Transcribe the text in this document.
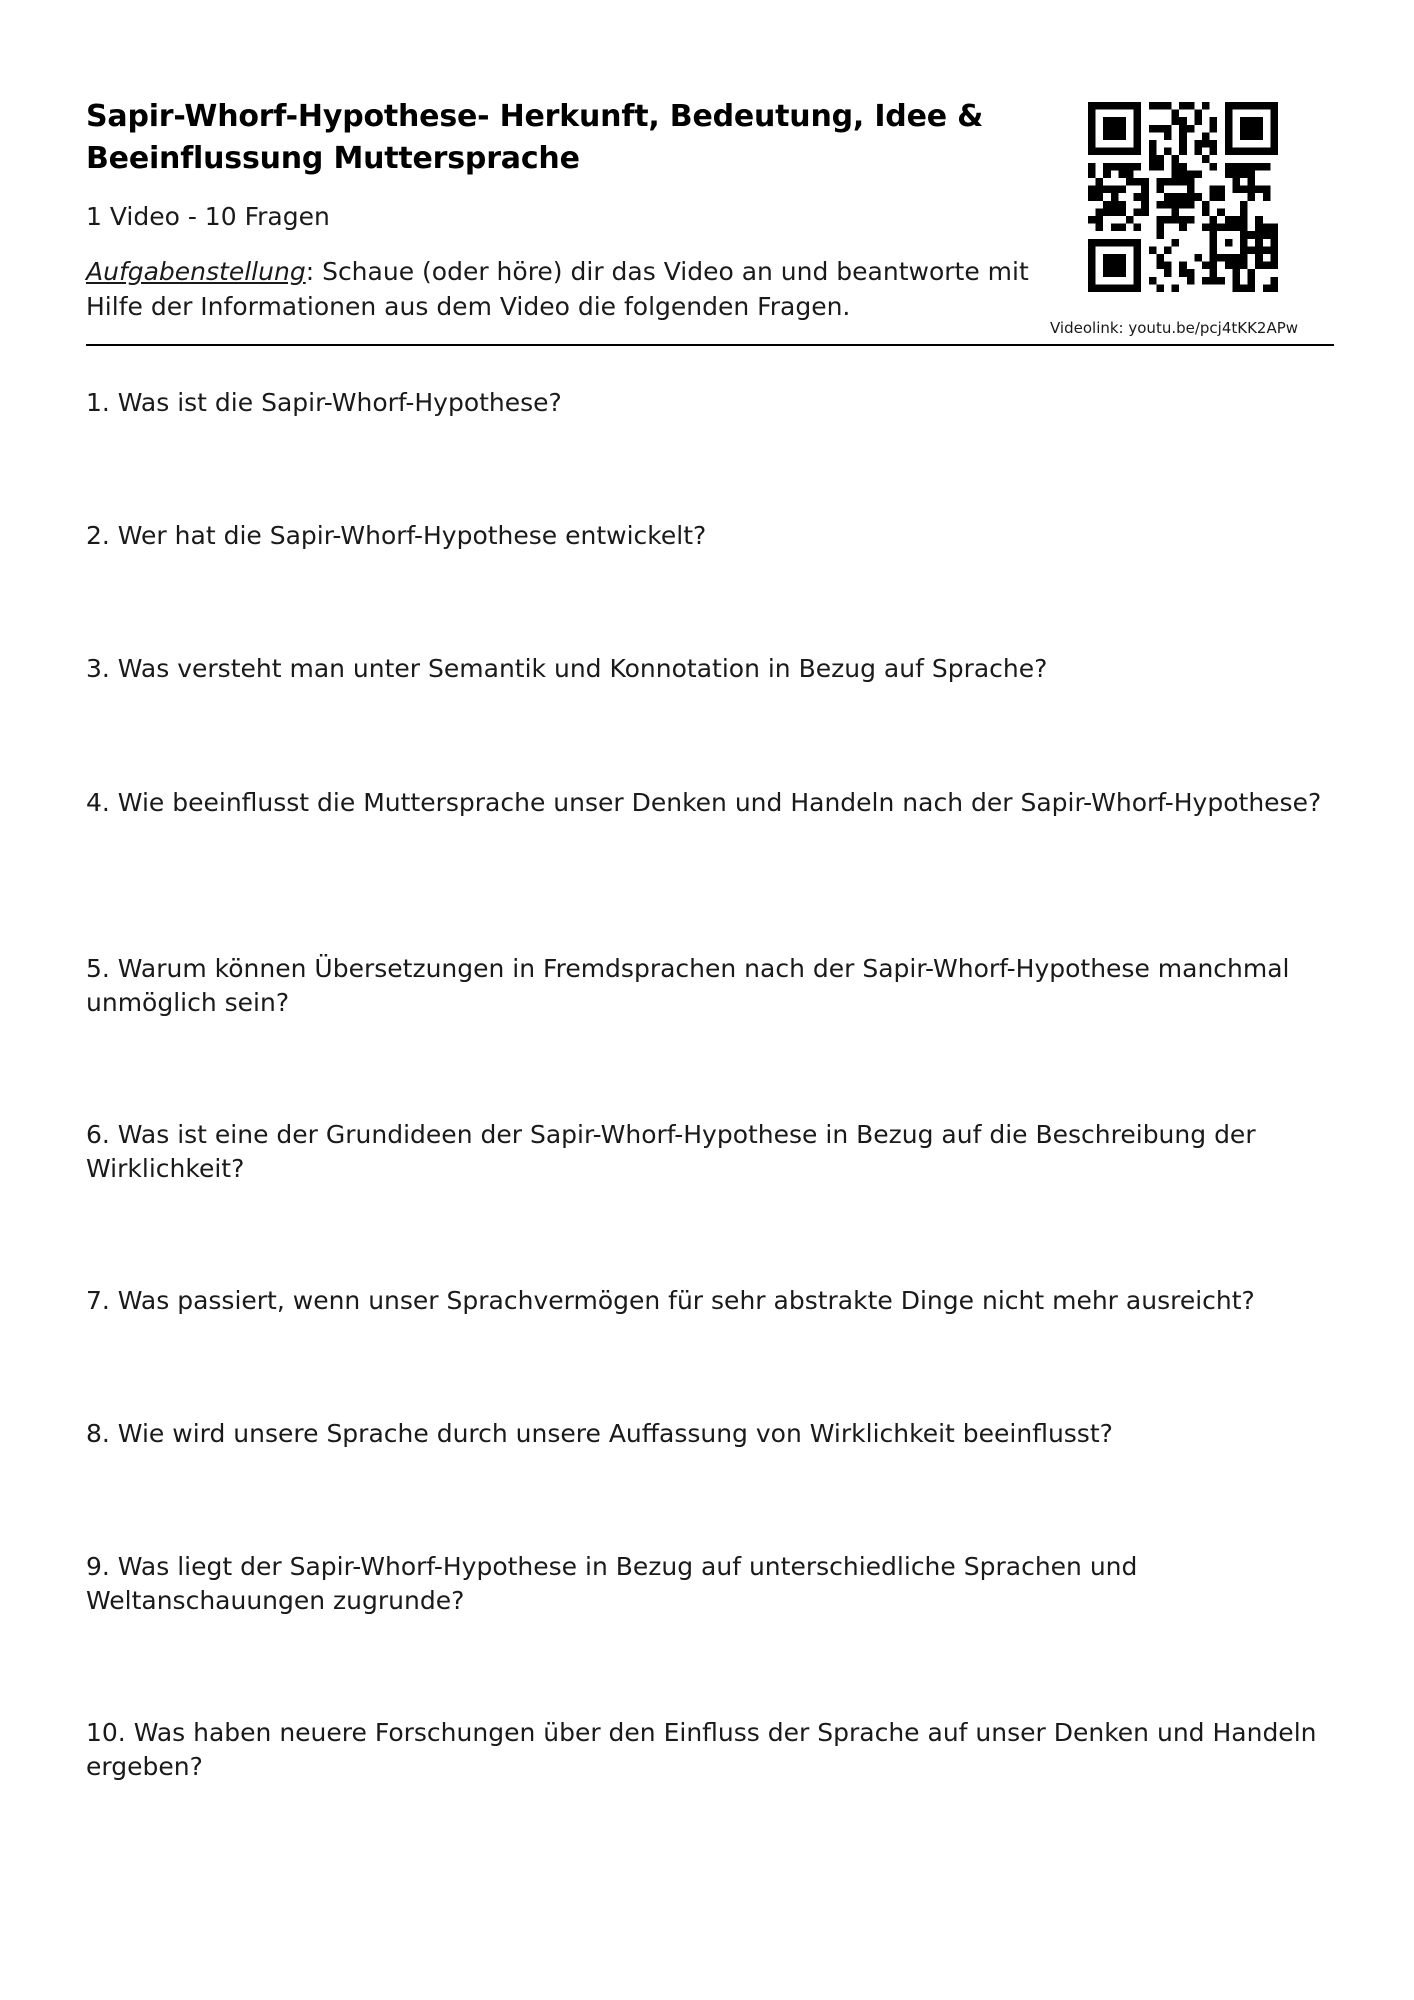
Sapir-Whorf-Hypothese- Herkunft, Bedeutung, Idee & Beeinflussung Muttersprache
1 Video - 10 Fragen
Aufgabenstellung: Schaue (oder höre) dir das Video an und beantworte mit Hilfe der Informationen aus dem Video die folgenden Fragen.
Videolink: youtu.be/pcj4tKK2APw

1. Was ist die Sapir-Whorf-Hypothese?

2. Wer hat die Sapir-Whorf-Hypothese entwickelt?

3. Was versteht man unter Semantik und Konnotation in Bezug auf Sprache?

4. Wie beeinflusst die Muttersprache unser Denken und Handeln nach der Sapir-Whorf-Hypothese?

5. Warum können Übersetzungen in Fremdsprachen nach der Sapir-Whorf-Hypothese manchmal unmöglich sein?

6. Was ist eine der Grundideen der Sapir-Whorf-Hypothese in Bezug auf die Beschreibung der Wirklichkeit?

7. Was passiert, wenn unser Sprachvermögen für sehr abstrakte Dinge nicht mehr ausreicht?

8. Wie wird unsere Sprache durch unsere Auffassung von Wirklichkeit beeinflusst?

9. Was liegt der Sapir-Whorf-Hypothese in Bezug auf unterschiedliche Sprachen und Weltanschauungen zugrunde?

10. Was haben neuere Forschungen über den Einfluss der Sprache auf unser Denken und Handeln ergeben?
